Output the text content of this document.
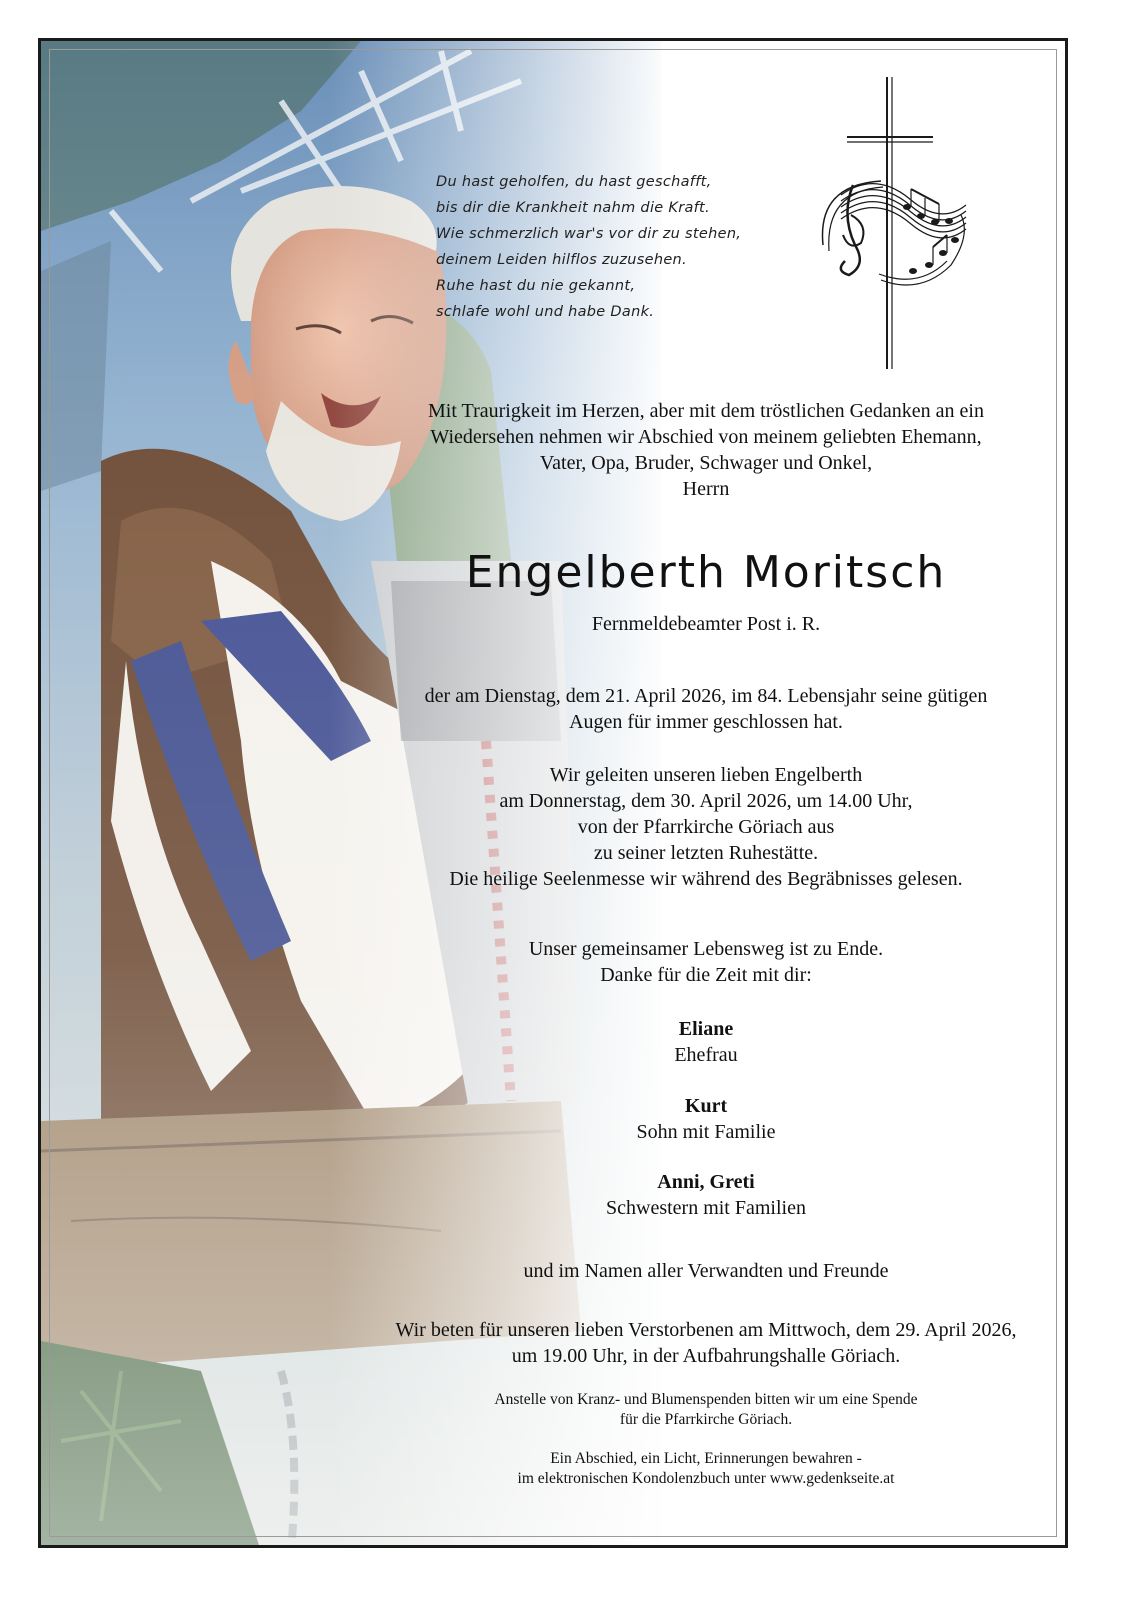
Du hast geholfen, du hast geschafft,
bis dir die Krankheit nahm die Kraft.
Wie schmerzlich war's vor dir zu stehen,
deinem Leiden hilflos zuzusehen.
Ruhe hast du nie gekannt,
schlafe wohl und habe Dank.
Mit Traurigkeit im Herzen, aber mit dem tröstlichen Gedanken an ein
Wiedersehen nehmen wir Abschied von meinem geliebten Ehemann,
Vater, Opa, Bruder, Schwager und Onkel,
Herrn
Engelberth Moritsch
Fernmeldebeamter Post i. R.
der am Dienstag, dem 21. April 2026, im 84. Lebensjahr seine gütigen
Augen für immer geschlossen hat.
Wir geleiten unseren lieben Engelberth
am Donnerstag, dem 30. April 2026, um 14.00 Uhr,
von der Pfarrkirche Göriach aus
zu seiner letzten Ruhestätte.
Die heilige Seelenmesse wir während des Begräbnisses gelesen.
Unser gemeinsamer Lebensweg ist zu Ende.
Danke für die Zeit mit dir:
Eliane
Ehefrau
Kurt
Sohn mit Familie
Anni, Greti
Schwestern mit Familien
und im Namen aller Verwandten und Freunde
Wir beten für unseren lieben Verstorbenen am Mittwoch, dem 29. April 2026,
um 19.00 Uhr, in der Aufbahrungshalle Göriach.
Anstelle von Kranz- und Blumenspenden bitten wir um eine Spende
für die Pfarrkirche Göriach.
Ein Abschied, ein Licht, Erinnerungen bewahren -
im elektronischen Kondolenzbuch unter www.gedenkseite.at
